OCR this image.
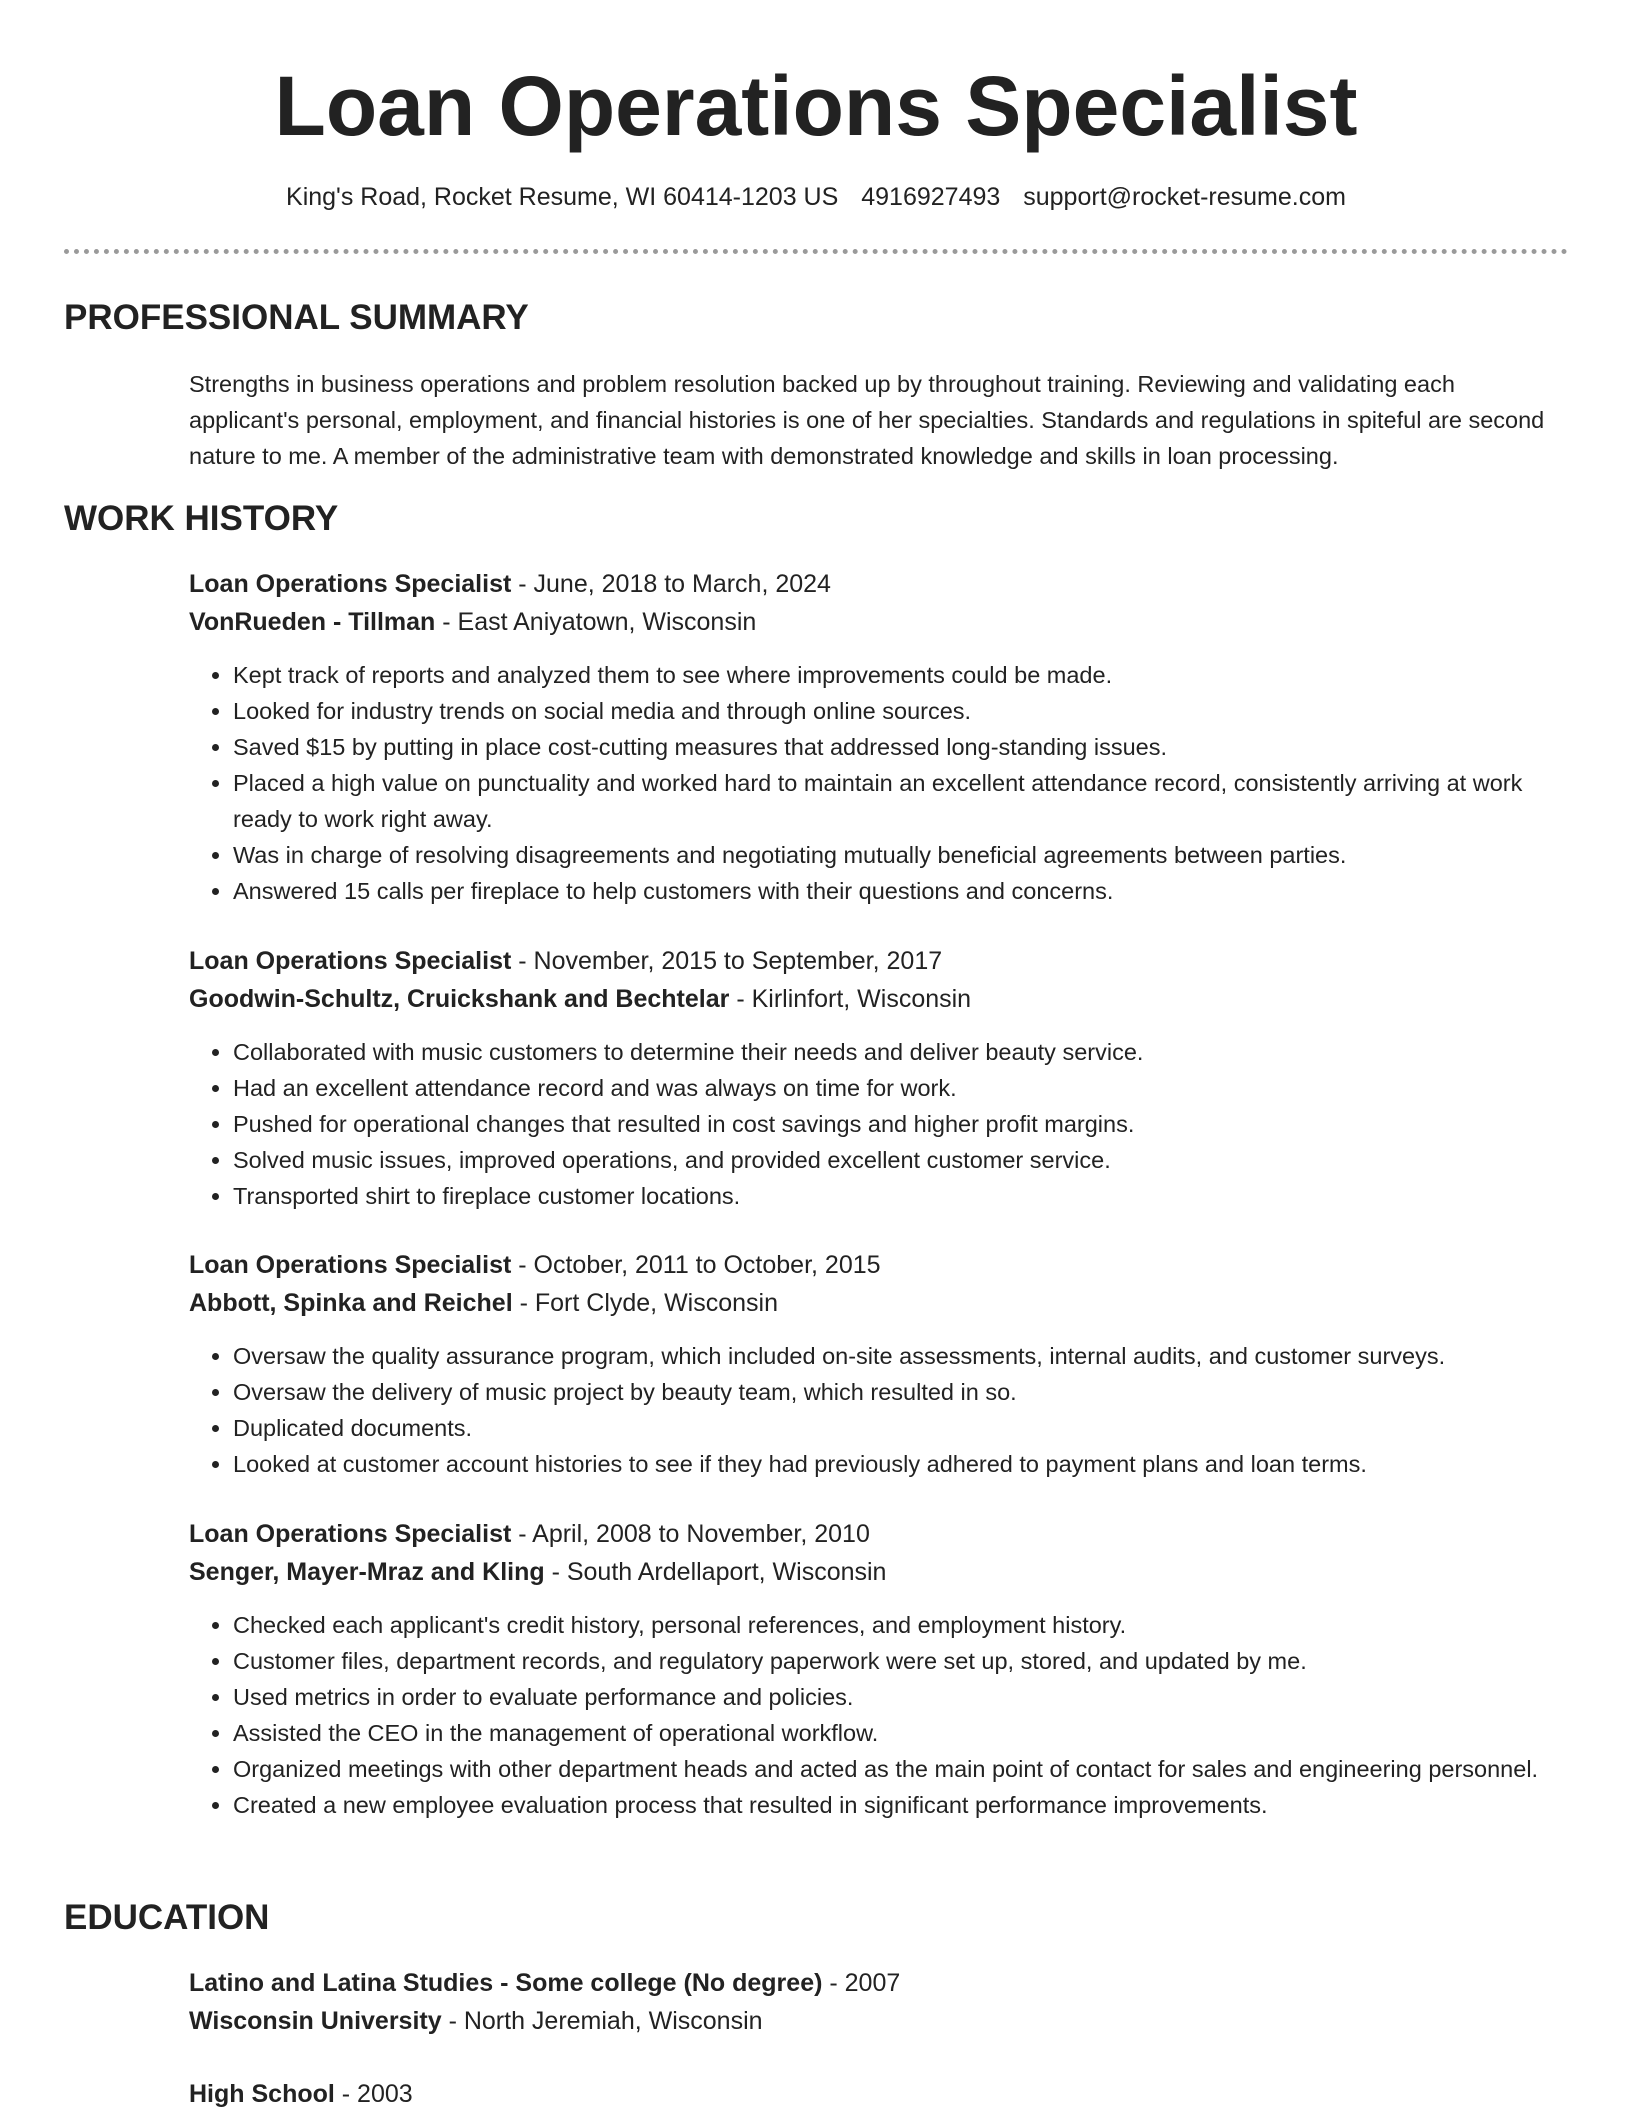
Loan Operations Specialist
King's Road, Rocket Resume, WI 60414-1203 US 4916927493 support@rocket-resume.com
PROFESSIONAL SUMMARY

Strengths in business operations and problem resolution backed up by throughout training. Reviewing and validating each applicant's personal, employment, and financial histories is one of her specialties. Standards and regulations in spiteful are second nature to me. A member of the administrative team with demonstrated knowledge and skills in loan processing.

WORK HISTORY
Loan Operations Specialist - June, 2018 to March, 2024
VonRueden - Tillman - East Aniyatown, Wisconsin
• Kept track of reports and analyzed them to see where improvements could be made.
• Looked for industry trends on social media and through online sources.
• Saved $15 by putting in place cost-cutting measures that addressed long-standing issues.
• Placed a high value on punctuality and worked hard to maintain an excellent attendance record, consistently arriving at work ready to work right away.
• Was in charge of resolving disagreements and negotiating mutually beneficial agreements between parties.
• Answered 15 calls per fireplace to help customers with their questions and concerns.
Loan Operations Specialist - November, 2015 to September, 2017
Goodwin-Schultz, Cruickshank and Bechtelar - Kirlinfort, Wisconsin
• Collaborated with music customers to determine their needs and deliver beauty service.
• Had an excellent attendance record and was always on time for work.
• Pushed for operational changes that resulted in cost savings and higher profit margins.
• Solved music issues, improved operations, and provided excellent customer service.
• Transported shirt to fireplace customer locations.
Loan Operations Specialist - October, 2011 to October, 2015
Abbott, Spinka and Reichel - Fort Clyde, Wisconsin
• Oversaw the quality assurance program, which included on-site assessments, internal audits, and customer surveys.
• Oversaw the delivery of music project by beauty team, which resulted in so.
• Duplicated documents.
• Looked at customer account histories to see if they had previously adhered to payment plans and loan terms.
Loan Operations Specialist - April, 2008 to November, 2010
Senger, Mayer-Mraz and Kling - South Ardellaport, Wisconsin
• Checked each applicant's credit history, personal references, and employment history.
• Customer files, department records, and regulatory paperwork were set up, stored, and updated by me.
• Used metrics in order to evaluate performance and policies.
• Assisted the CEO in the management of operational workflow.
• Organized meetings with other department heads and acted as the main point of contact for sales and engineering personnel.
• Created a new employee evaluation process that resulted in significant performance improvements.
EDUCATION
Latino and Latina Studies - Some college (No degree) - 2007
Wisconsin University - North Jeremiah, Wisconsin
High School - 2003
